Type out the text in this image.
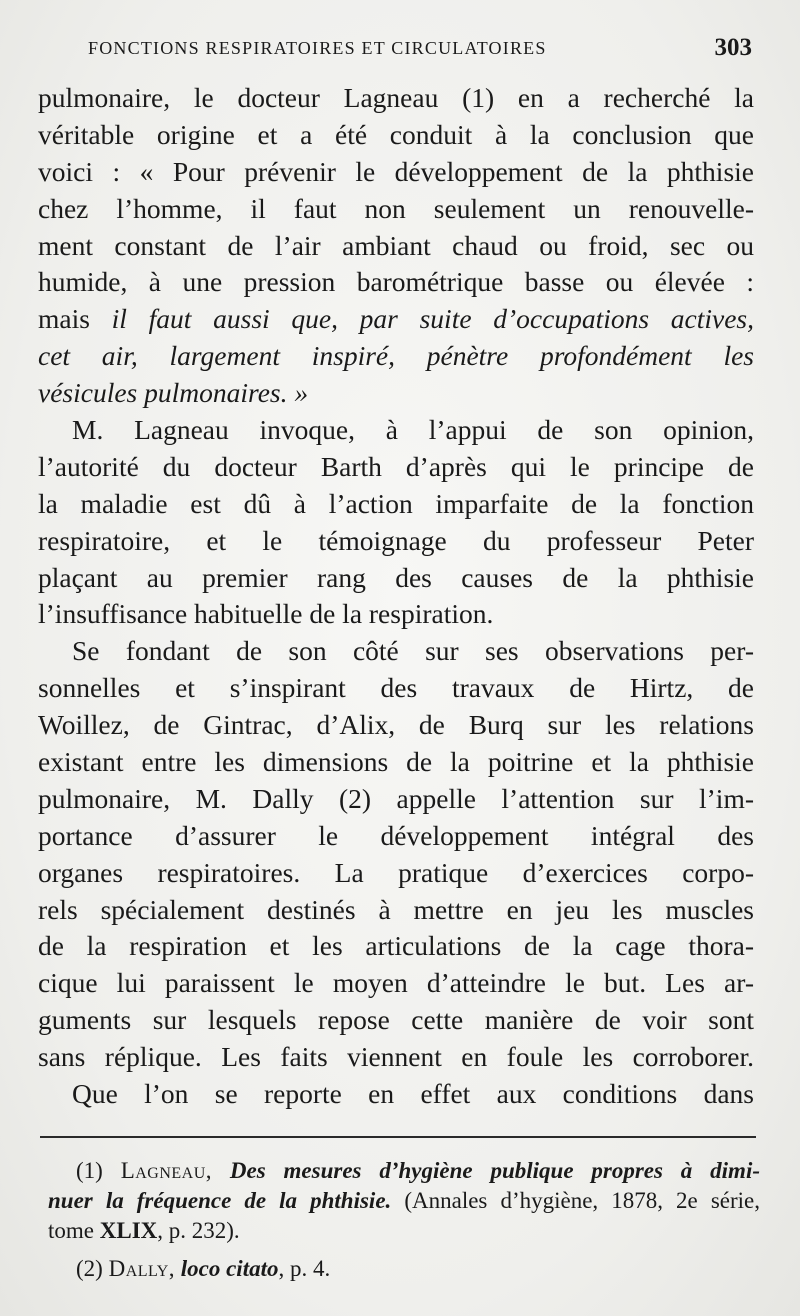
FONCTIONS RESPIRATOIRES ET CIRCULATOIRES	303
pulmonaire, le docteur Lagneau (1) en a recherché la
véritable origine et a été conduit à la conclusion que
voici : « Pour prévenir le développement de la phthisie
chez l’homme, il faut non seulement un renouvelle-
ment constant de l’air ambiant chaud ou froid, sec ou
humide, à une pression barométrique basse ou élevée :
mais il faut aussi que, par suite d’occupations actives,
cet air, largement inspiré, pénètre profondément les
vésicules pulmonaires. »
M. Lagneau invoque, à l’appui de son opinion,
l’autorité du docteur Barth d’après qui le principe de
la maladie est dû à l’action imparfaite de la fonction
respiratoire, et le témoignage du professeur Peter
plaçant au premier rang des causes de la phthisie
l’insuffisance habituelle de la respiration.
Se fondant de son côté sur ses observations per-
sonnelles et s’inspirant des travaux de Hirtz, de
Woillez, de Gintrac, d’Alix, de Burq sur les relations
existant entre les dimensions de la poitrine et la phthisie
pulmonaire, M. Dally (2) appelle l’attention sur l’im-
portance d’assurer le développement intégral des
organes respiratoires. La pratique d’exercices corpo-
rels spécialement destinés à mettre en jeu les muscles
de la respiration et les articulations de la cage thora-
cique lui paraissent le moyen d’atteindre le but. Les ar-
guments sur lesquels repose cette manière de voir sont
sans réplique. Les faits viennent en foule les corroborer.
Que l’on se reporte en effet aux conditions dans
(1) Lagneau, Des mesures d’hygiène publique propres à dimi-
nuer la fréquence de la phthisie. (Annales d’hygiène, 1878, 2e série,
tome XLIX, p. 232).
(2) Dally, loco citato, p. 4.
